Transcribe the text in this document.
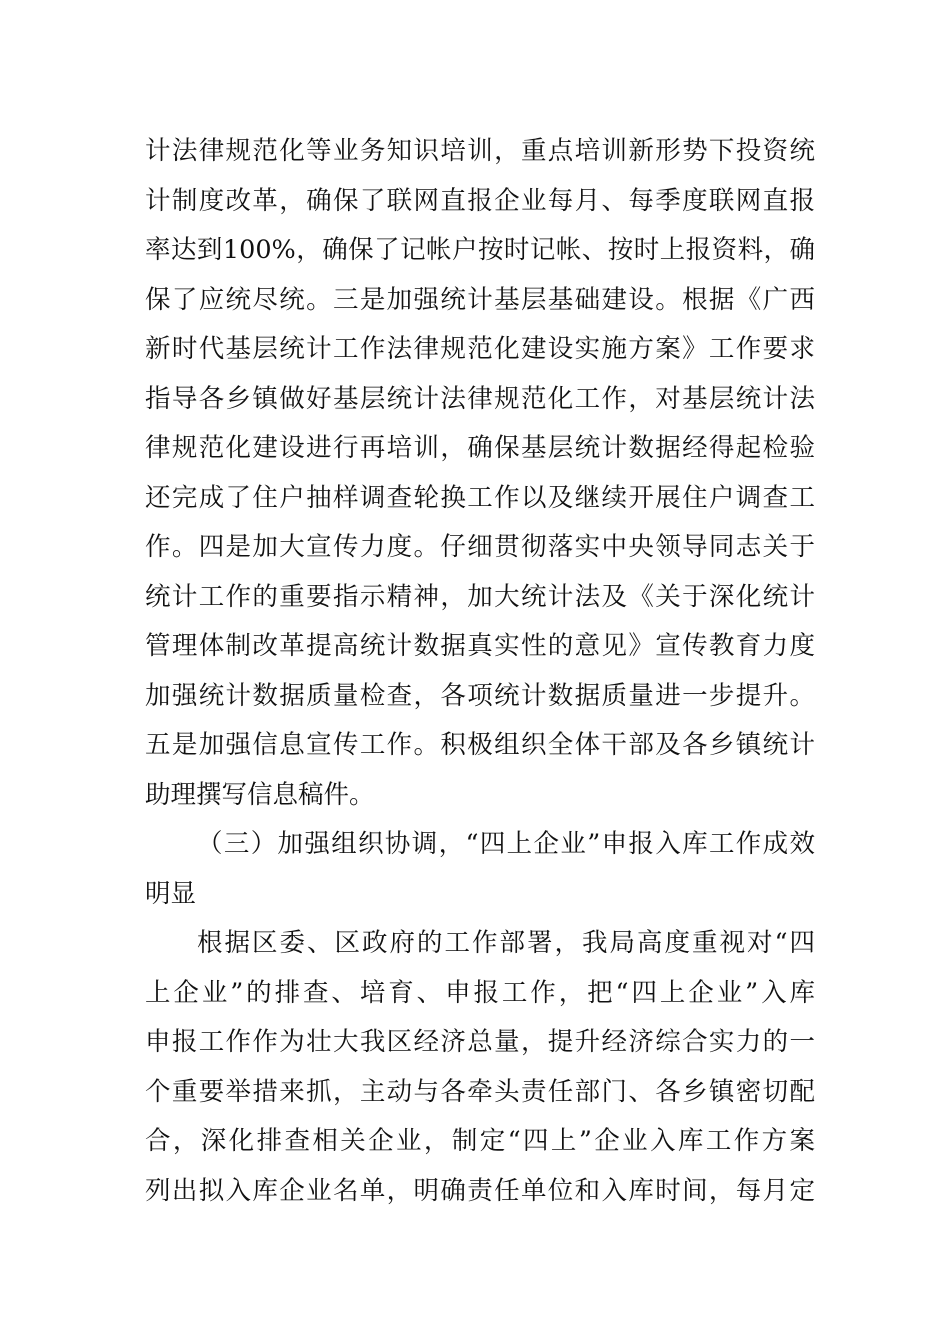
计法律规范化等业务知识培训，重点培训新形势下投资统
计制度改革，确保了联网直报企业每月、每季度联网直报
率达到100%，确保了记帐户按时记帐、按时上报资料，确
保了应统尽统。三是加强统计基层基础建设。根据《广西
新时代基层统计工作法律规范化建设实施方案》工作要求
指导各乡镇做好基层统计法律规范化工作，对基层统计法
律规范化建设进行再培训，确保基层统计数据经得起检验
还完成了住户抽样调查轮换工作以及继续开展住户调查工
作。四是加大宣传力度。仔细贯彻落实中央领导同志关于
统计工作的重要指示精神，加大统计法及《关于深化统计
管理体制改革提高统计数据真实性的意见》宣传教育力度
加强统计数据质量检查，各项统计数据质量进一步提升。
五是加强信息宣传工作。积极组织全体干部及各乡镇统计
助理撰写信息稿件。
（三）加强组织协调，“四上企业”申报入库工作成效
明显
根据区委、区政府的工作部署，我局高度重视对“四
上企业”的排查、培育、申报工作，把“四上企业”入库
申报工作作为壮大我区经济总量，提升经济综合实力的一
个重要举措来抓，主动与各牵头责任部门、各乡镇密切配
合，深化排查相关企业，制定“四上”企业入库工作方案
列出拟入库企业名单，明确责任单位和入库时间，每月定
